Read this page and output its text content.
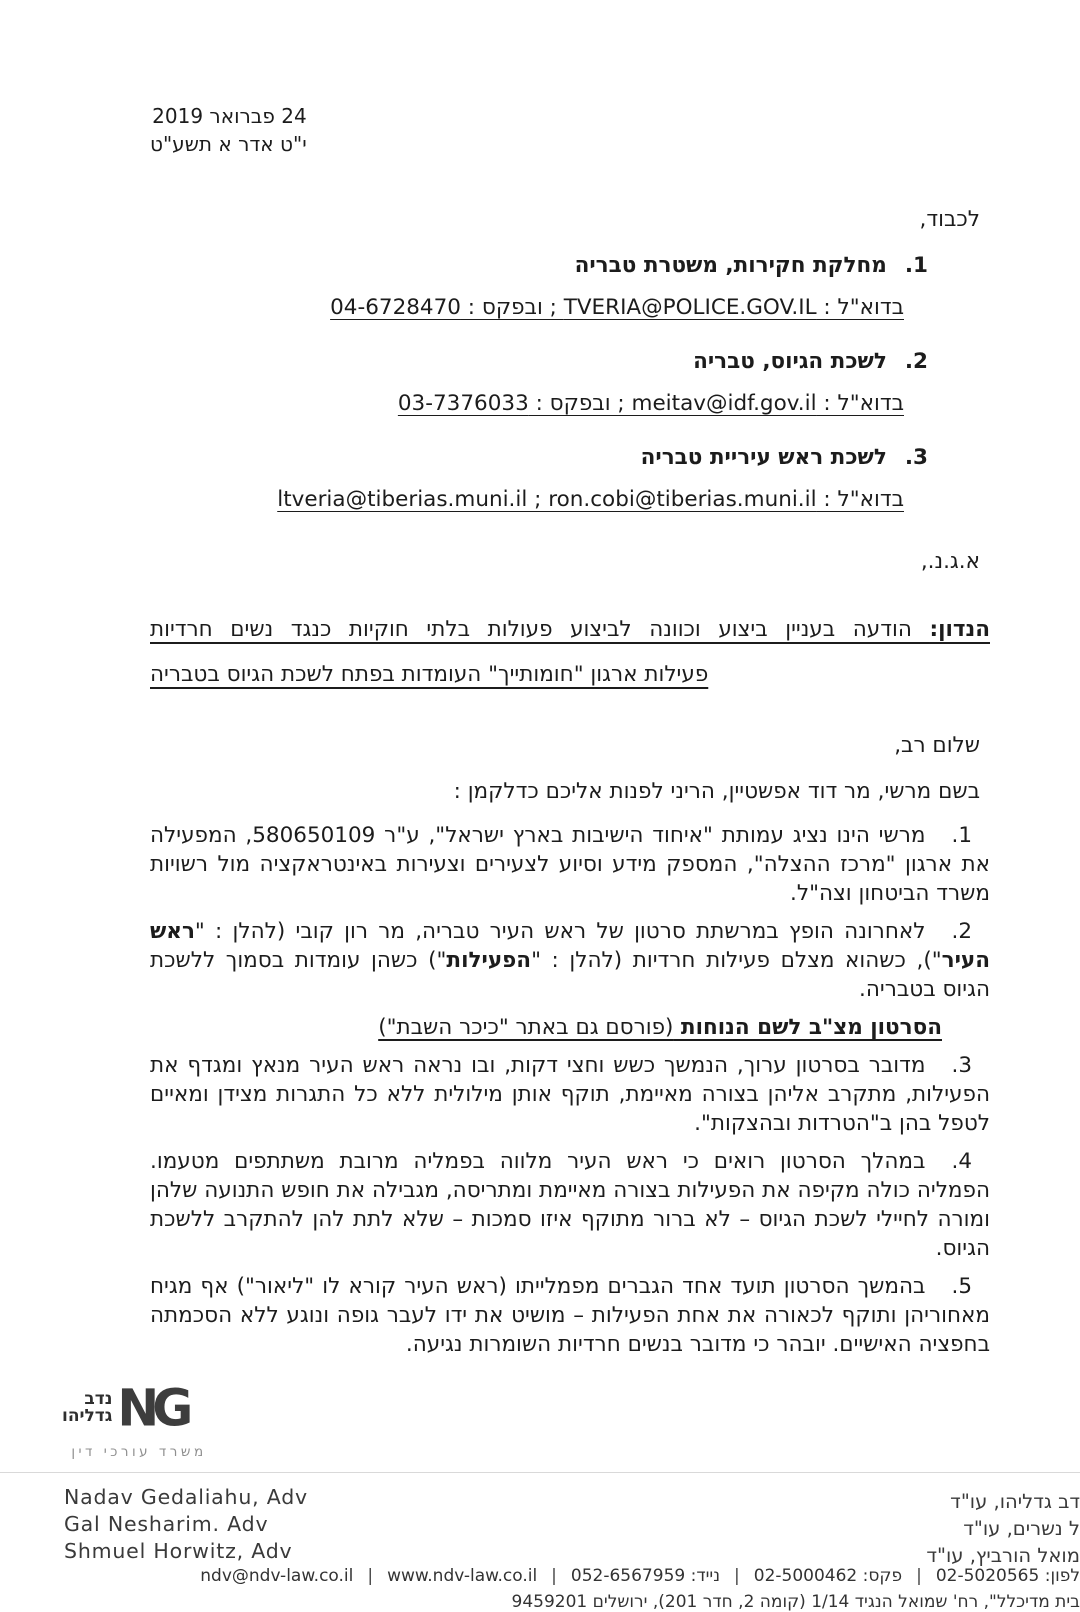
24 פברואר 2019
י"ט אדר א תשע"ט
לכבוד,
1.מחלקת חקירות, משטרת טבריה
בדוא"ל : TVERIA@POLICE.GOV.IL ; ובפקס : 04-6728470
2.לשכת הגיוס, טבריה
בדוא"ל : meitav@idf.gov.il ; ובפקס : 03-7376033
3.לשכת ראש עיריית טבריה
בדוא"ל : ltveria@tiberias.muni.il ; ron.cobi@tiberias.muni.il
א.ג.נ.,
הנדון: הודעה בעניין ביצוע וכוונה לביצוע פעולות בלתי חוקיות כנגד נשים חרדיות
פעילות ארגון "חומותייך" העומדות בפתח לשכת הגיוס בטבריה
שלום רב,
בשם מרשי, מר דוד אפשטיין, הריני לפנות אליכם כדלקמן :
1.מרשי הינו נציג עמותת "איחוד הישיבות בארץ ישראל", ע"ר 580650109, המפעילה את ארגון "מרכז ההצלה", המספק מידע וסיוע לצעירים וצעירות באינטראקציה מול רשויות משרד הביטחון וצה"ל.
2.לאחרונה הופץ במרשתת סרטון של ראש העיר טבריה, מר רון קובי (להלן : "ראש העיר"), כשהוא מצלם פעילות חרדיות (להלן : "הפעילות") כשהן עומדות בסמוך ללשכת הגיוס בטבריה.
הסרטון מצ"ב לשם הנוחות (פורסם גם באתר "כיכר השבת")
3.מדובר בסרטון ערוך, הנמשך כשש וחצי דקות, ובו נראה ראש העיר מנאץ ומגדף את הפעילות, מתקרב אליהן בצורה מאיימת, תוקף אותן מילולית ללא כל התגרות מצידן ומאיים לטפל בהן ב"הטרדות ובהצקות".
4.במהלך הסרטון רואים כי ראש העיר מלווה בפמליה מרובת משתתפים מטעמו. הפמליה כולה מקיפה את הפעילות בצורה מאיימת ומתריסה, מגבילה את חופש התנועה שלהן ומורה לחיילי לשכת הגיוס – לא ברור מתוקף איזו סמכות – שלא לתת להן להתקרב ללשכת הגיוס.
5.בהמשך הסרטון תועד אחד הגברים מפמלייתו (ראש העיר קורא לו "ליאור") אף מגיח מאחוריהן ותוקף לכאורה את אחת הפעילות – מושיט את ידו לעבר גופה ונוגע ללא הסכמתה בחפציה האישיים. יובהר כי מדובר בנשים חרדיות השומרות נגיעה.
נדב
גדליהו NG
משרד עורכי דין
Nadav Gedaliahu, Adv
Gal Nesharim. Adv
Shmuel Horwitz, Adv
דב גדליהו, עו"ד
ל נשרים, עו"ד
מואל הורביץ, עו"ד
ndv@ndv-law.co.il | www.ndv-law.co.il | נייד: 052-6567959 | פקס: 02-5000462 | לפון: 02-5020565
בית מדיכלל", רח' שמואל הנגיד 1/14 (קומה 2, חדר 201), ירושלים 9459201
